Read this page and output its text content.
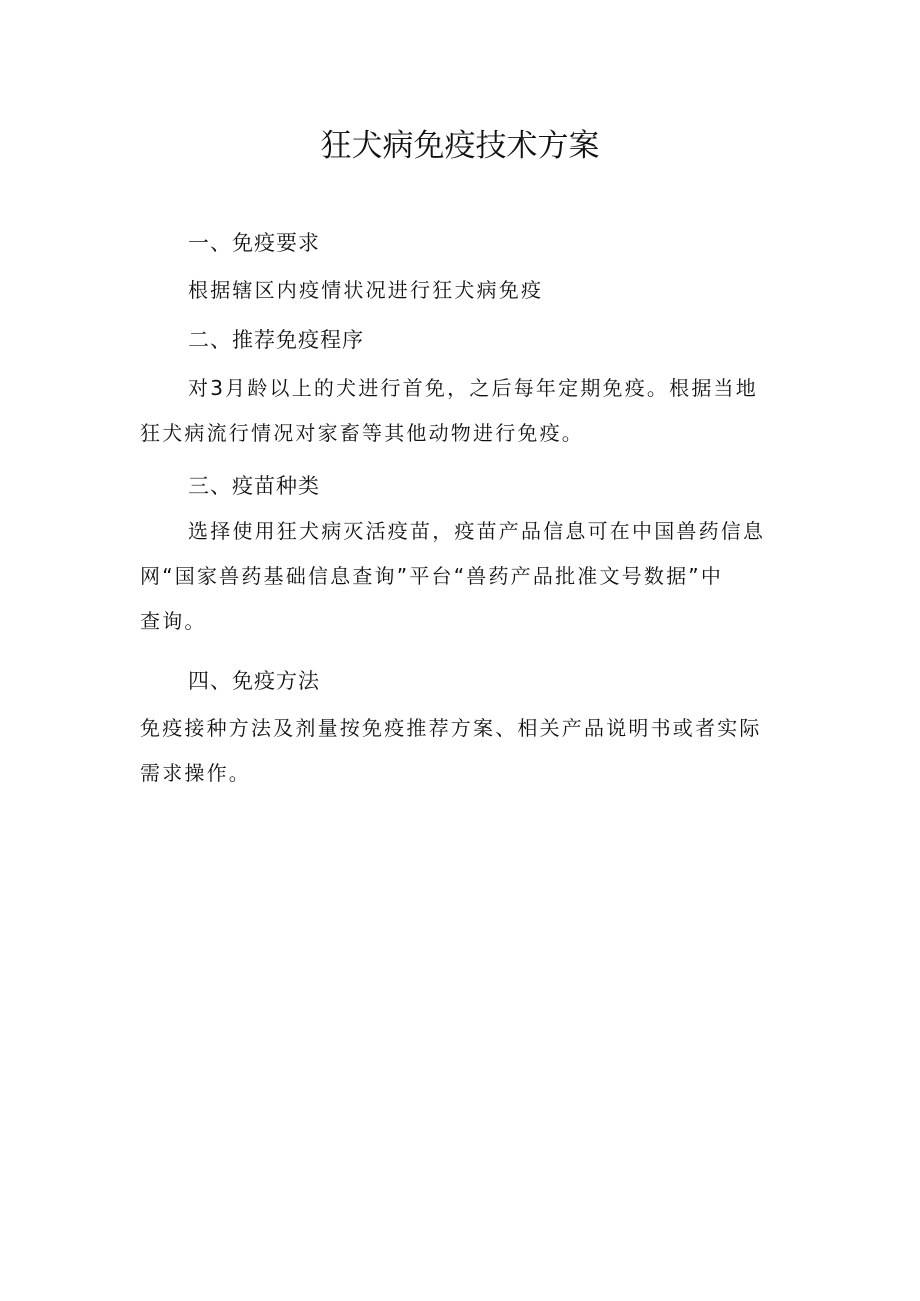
狂犬病免疫技术方案
一、免疫要求

根据辖区内疫情状况进行狂犬病免疫

二、推荐免疫程序

对3月龄以上的犬进行首免，之后每年定期免疫。根据当地
狂犬病流行情况对家畜等其他动物进行免疫。

三、疫苗种类

选择使用狂犬病灭活疫苗，疫苗产品信息可在中国兽药信息
网“国家兽药基础信息查询”平台“兽药产品批准文号数据”中
查询。

四、免疫方法

免疫接种方法及剂量按免疫推荐方案、相关产品说明书或者实际
需求操作。
